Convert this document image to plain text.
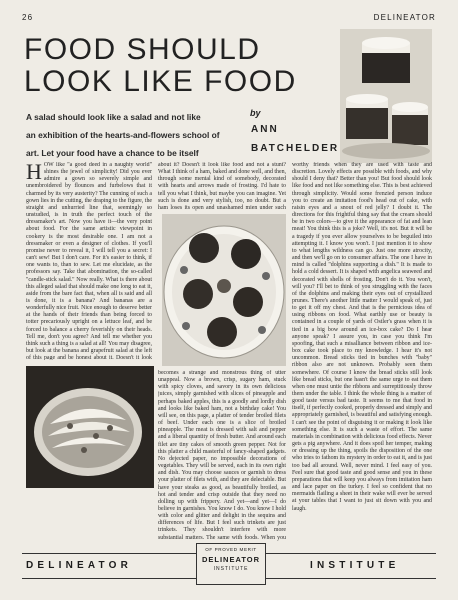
26	DELINEATOR
FOOD SHOULD
LOOK LIKE FOOD
A salad should look like a salad and not like
an exhibition of the hearts-and-flowers school of
art. Let your food have a chance to be itself
by
ANN
BATCHELDER
HOW like "a good deed in a naughty world" shines the jewel of simplicity! Did you ever admire a gown so severely simple and unembroidered by flounces and furbelows that it charmed by its very austerity? The cunning of such a gown lies in the cutting, the draping to the figure, the straight and unhurried line that, seemingly so unstudied, is in truth the perfect touch of the dressmaker's art. Now you have it—the very point about food. For the same artistic viewpoint in cookery is the most desirable one. I am not a dressmaker or even a designer of clothes. If you'll promise never to reveal it, I will tell you a secret: I can't sew! But I don't care. For it's easier to think, if one wants to, than to sew. Let me elucidate, as the professors say. Take that abomination, the so-called "candle-stick salad." Now really. What is there about this alleged salad that should make one long to eat it, aside from the bare fact that, when all is said and all is done, it is a banana? And bananas are a wonderfully nice fruit. Nice enough to deserve better at the hands of their friends than being forced to totter precariously upright on a lettuce leaf, and be forced to balance a cherry feverishly on their heads. Tell me, don't you agree? And tell me whether you think such a thing is a salad at all! You may disagree, but look at the banana and grapefruit salad at the left of this page and be honest about it. Doesn't it look
about it? Doesn't it look like food and not a stunt? What I think of a ham, baked and done well, and then, through some mental kind of somebody, decorated with hearts and arrows made of frosting. I'd hate to tell you what I think, but maybe you can imagine. Yet such is done and very stylish, too, no doubt. But a ham loses its open and unashamed mien under such
worthy friends when they are used with taste and discretion. Lovely effects are possible with foods, and why should I deny that? Better than you! But food should look like food and not like something else. This is best achieved through simplicity. Would some frenzied person induce you to create an imitation food's head out of cake, with raisin eyes and a snout of red jelly? I doubt it. The directions for this frightful thing say that the cream should be in two colors—to give it the appearance of fat and lean meat! You think this is a joke? Well, it's not. But it will be a tragedy if you ever allow yourselves to be beguiled into attempting it. I know you won't. I just mention it to show to what lengths wildness can go. Just one more atrocity, and then we'll go on to consumer affairs. The one I have in mind is called "dolphins supporting a dish." It is made to hold a cold dessert. It is shaped with angelica seaweed and decorated with shells of frosting. Don't do it. You won't, will you? I'll bet to think of you struggling with the faces of the dolphins and making their eyes out of crystallized prunes. There's another little matter I would speak of, just to get it off my chest. And that is the pernicious idea of using ribbons on food. What earthly use or beauty is contained in a couple of yards of Ostler's grass when it is tied in a big bow around an ice-box cake? Do I hear anyone speak? I assure you, in case you think I'm spoofing, that such a misalliance between ribbon and ice-box cake took place to my knowledge. I hear it's not uncommon. Bread sticks tied in bunches with "baby" ribbon also are not unknown. Probably seen them somewhere. Of course I know the bread sticks still look like bread sticks, but one hasn't the same urge to eat them when one must untie the ribbons and surreptitiously throw them under the table. I think the whole thing is a matter of good taste versus bad taste. It seems to me that food in itself, if perfectly cooked, properly dressed and simply and appropriately garnished, is beautiful and satisfying enough. I can't see the point of disguising it or making it look like something else. It is such a waste of effort. The same materials in combination with delicious food effects. Never gets a pig anywhere. And it does spoil her temper, making or dressing up the thing, spoils the disposition of the one who tries to fathom its mystery in order to eat it, and is just too bad all around. Well, never mind. I feel easy of you. Feel sure that good taste and good sense and you in these preparations that will keep you always from imitation ham and lace paper on the turkey. I feel so confident that no mermaids flailing a sheet in their wake will ever be served at your tables that I want to just sit down with you and laugh.
becomes a strange and monstrous thing of utter unappeal. Now a brown, crisp, sugary ham, stuck with spicy cloves, and savory in its own delicious juices, simply garnished with slices of pineapple and perhaps baked apples, this is a goodly and lordly dish and looks like baked ham, not a birthday cake! You will see, on this page, a platter of tender broiled filets of beef. Under each one is a slice of broiled pineapple. The meat is dressed with salt and pepper and a liberal quantity of fresh butter. And around each filet are tiny cakes of smooth green pepper. Not for this platter a child masterful of fancy-shaped gadgets. No dejected paper, no impossible decorations of vegetables. They will be served, each in its own right and dish. You may choose sauces or garnish to dress your platter of filets with, and they are delectable. But have your steaks as good, as beautifully broiled, as hot and tender and crisp outside that they need no dolling up with frippery. And yet—and yet—I do believe in garnishes. You know I do. You know I hold with color and glitter and delight in the sequins and differences of life. But I feel such trinkets are just trinkets. They shouldn't interfere with more substantial matters. The same with foods. When you
DELINEATOR	INSTITUTE
OF PROVED MERIT
DELINEATOR
INSTITUTE
